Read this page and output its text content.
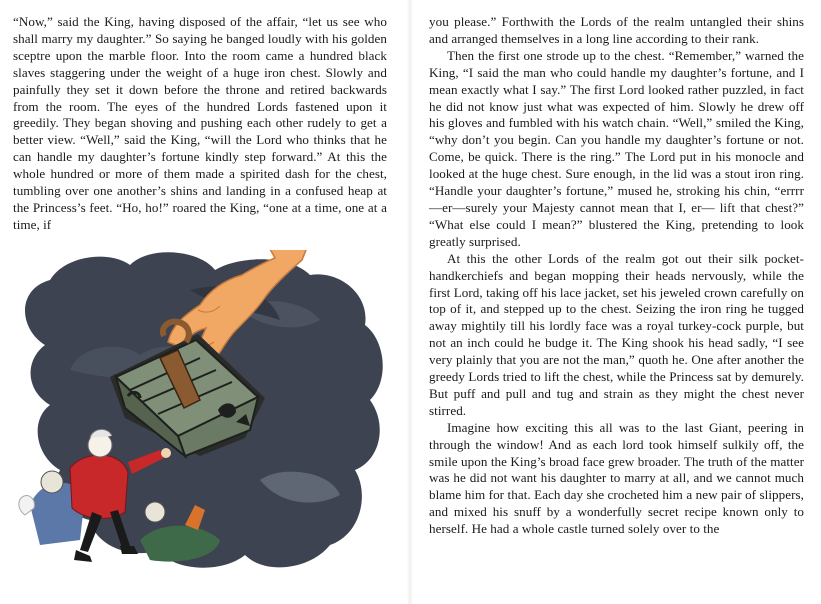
“Now,” said the King, having disposed of the affair, “let us see who shall marry my daughter.” So saying he banged loudly with his golden sceptre upon the marble floor. Into the room came a hundred black slaves staggering under the weight of a huge iron chest. Slowly and painfully they set it down before the throne and retired backwards from the room. The eyes of the hundred Lords fastened upon it greedily. They began shoving and pushing each other rudely to get a better view. “Well,” said the King, “will the Lord who thinks that he can handle my daughter’s fortune kindly step forward.” At this the whole hundred or more of them made a spirited dash for the chest, tumbling over one another’s shins and landing in a confused heap at the Princess’s feet. “Ho, ho!” roared the King, “one at a time, one at a time, if

you please.” Forthwith the Lords of the realm untangled their shins and arranged themselves in a long line according to their rank.

Then the first one strode up to the chest. “Remember,” warned the King, “I said the man who could handle my daughter’s fortune, and I mean exactly what I say.” The first Lord looked rather puzzled, in fact he did not know just what was expected of him. Slowly he drew off his gloves and fumbled with his watch chain. “Well,” smiled the King, “why don’t you begin. Can you handle my daughter’s fortune or not. Come, be quick. There is the ring.” The Lord put in his monocle and looked at the huge chest. Sure enough, in the lid was a stout iron ring. “Handle your daughter’s fortune,” mused he, stroking his chin, “errrr—er—surely your Majesty cannot mean that I, er— lift that chest?” “What else could I mean?” blustered the King, pretending to look greatly surprised.

At this the other Lords of the realm got out their silk pocket-handkerchiefs and began mopping their heads nervously, while the first Lord, taking off his lace jacket, set his jeweled crown carefully on top of it, and stepped up to the chest. Seizing the iron ring he tugged away mightily till his lordly face was a royal turkey-cock purple, but not an inch could he budge it. The King shook his head sadly, “I see very plainly that you are not the man,” quoth he. One after another the greedy Lords tried to lift the chest, while the Princess sat by demurely. But puff and pull and tug and strain as they might the chest never stirred.

Imagine how exciting this all was to the last Giant, peering in through the window! And as each lord took himself sulkily off, the smile upon the King’s broad face grew broader. The truth of the matter was he did not want his daughter to marry at all, and we cannot much blame him for that. Each day she crocheted him a new pair of slippers, and mixed his snuff by a wonderfully secret recipe known only to herself. He had a whole castle turned solely over to the
